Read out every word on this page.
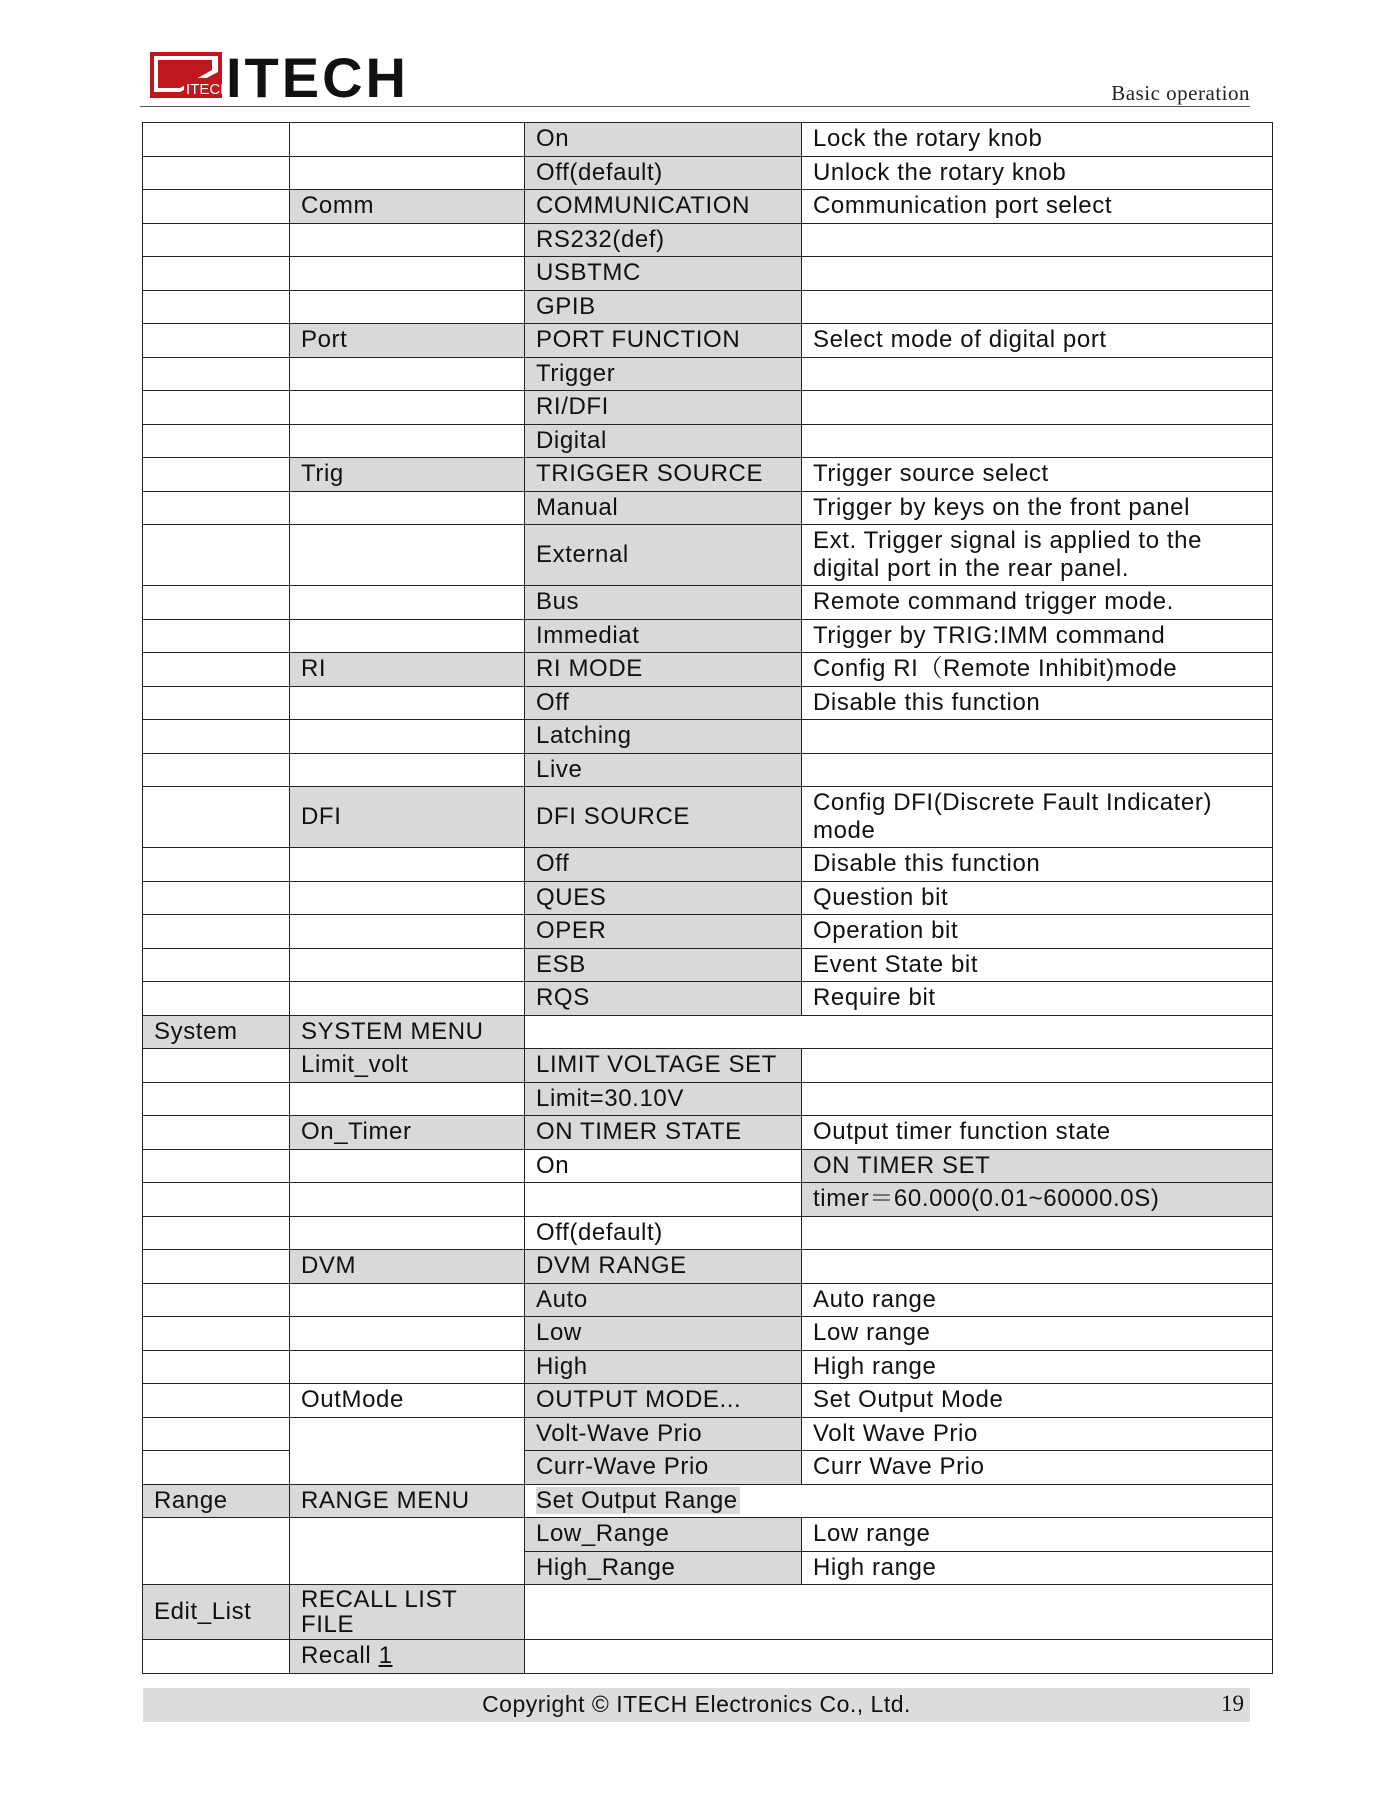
ITECH
ITECH	Basic operation
		On	Lock the rotary knob
		Off(default)	Unlock the rotary knob
	Comm	COMMUNICATION	Communication port select
		RS232(def)	
		USBTMC	
		GPIB	
	Port	PORT FUNCTION	Select mode of digital port
		Trigger	
		RI/DFI	
		Digital	
	Trig	TRIGGER SOURCE	Trigger source select
		Manual	Trigger by keys on the front panel
		External	Ext. Trigger signal is applied to the digital port in the rear panel.
		Bus	Remote command trigger mode.
		Immediat	Trigger by TRIG:IMM command
	RI	RI MODE	Config RI（Remote Inhibit)mode
		Off	Disable this function
		Latching	
		Live	
	DFI	DFI SOURCE	Config DFI(Discrete Fault Indicater) mode
		Off	Disable this function
		QUES	Question bit
		OPER	Operation bit
		ESB	Event State bit
		RQS	Require bit
System	SYSTEM MENU		
	Limit_volt	LIMIT VOLTAGE SET	
		Limit=30.10V	
	On_Timer	ON TIMER STATE	Output timer function state
		On	ON TIMER SET
			timer＝60.000(0.01~60000.0S)
		Off(default)	
	DVM	DVM RANGE	
		Auto	Auto range
		Low	Low range
		High	High range
	OutMode	OUTPUT MODE...	Set Output Mode
		Volt-Wave Prio	Volt Wave Prio
		Curr-Wave Prio	Curr Wave Prio
Range	RANGE MENU	Set Output Range	
		Low_Range	Low range
		High_Range	High range
Edit_List	RECALL LIST FILE		
	Recall 1		
Copyright © ITECH Electronics Co., Ltd.	19
